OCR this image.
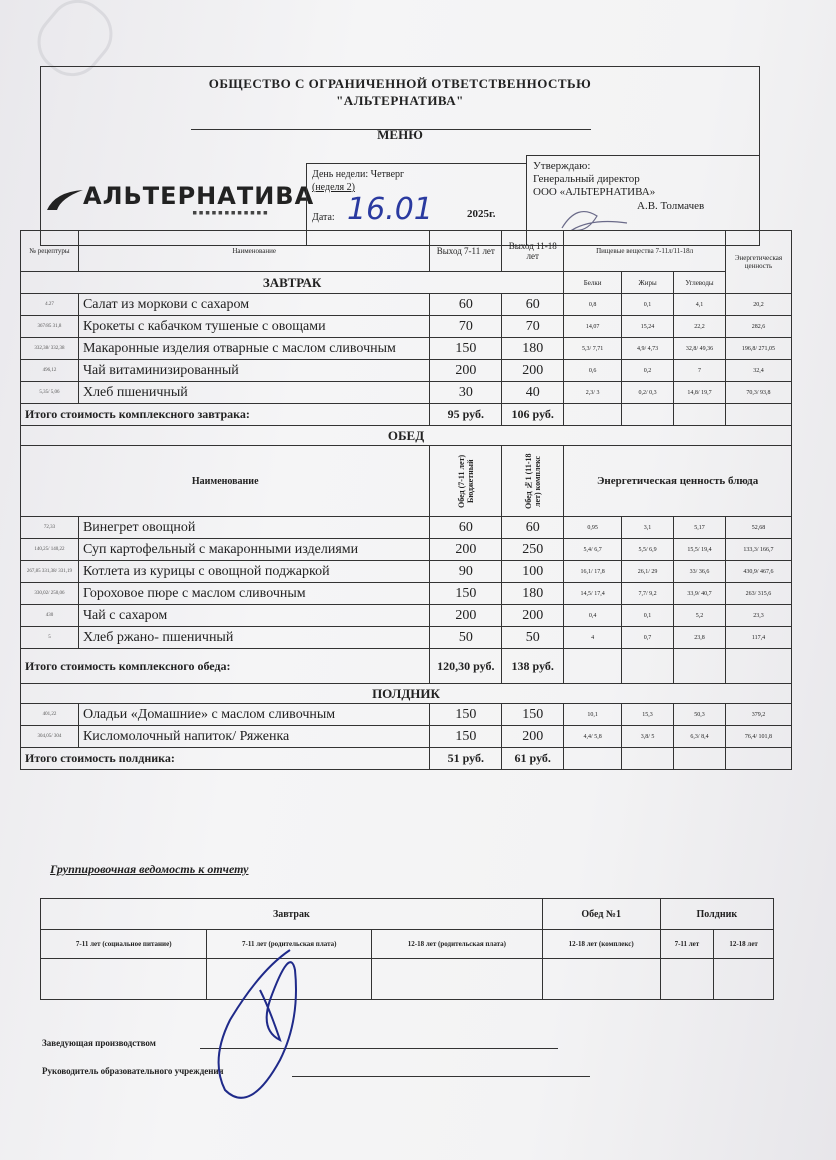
ОБЩЕСТВО С ОГРАНИЧЕННОЙ ОТВЕТСТВЕННОСТЬЮ
"АЛЬТЕРНАТИВА"
МЕНЮ
АЛЬТЕРНАТИВА
▪▪▪▪▪▪▪▪▪▪▪▪
День недели: Четверг
(неделя 2)
Дата: 16.01	2025г.
Утверждаю:
Генеральный директор
ООО «АЛЬТЕРНАТИВА»
А.В. Толмачев
№ рецептуры	Наименование	Выход 7-11 лет	Выход 11-18 лет	Пищевые вещества 7-11л/11-18л			Энергетическая ценность
ЗАВТРАК				Белки	Жиры	Углеводы	
4.27	Салат из моркови с сахаром	60	60	0,8	0,1	4,1	20,2
367/85 31,8	Крокеты с кабачком тушеные с овощами	70	70	14,07	15,24	22,2	282,6
332,38/ 332,38	Макаронные изделия отварные с маслом сливочным	150	180	5,3/ 7,71	4,9/ 4,73	32,8/ 49,36	196,8/ 271,05
496,12	Чай витаминизированный	200	200	0,6	0,2	7	32,4
5,35/ 5,06	Хлеб пшеничный	30	40	2,3/ 3	0,2/ 0,3	14,8/ 19,7	70,3/ 93,8
Итого стоимость комплексного завтрака:		95 руб.	106 руб.				
ОБЕД							
Наименование		Обед (7-11 лет) Бюджетный	Обед №1 (11-18 лет) комплекс	Энергетическая ценность блюда			
72,33	Винегрет овощной	60	60	0,95	3,1	5,17	52,68
140,25/ 140,22	Суп картофельный с макаронными изделиями	200	250	5,4/ 6,7	5,5/ 6,9	15,5/ 19,4	133,3/ 166,7
267,85 331,38/ 331,19	Котлета из курицы с овощной поджаркой	90	100	16,1/ 17,8	26,1/ 29	33/ 36,6	430,9/ 467,6
330,02/ 250,06	Гороховое пюре с маслом сливочным	150	180	14,5/ 17,4	7,7/ 9,2	33,9/ 40,7	263/ 315,6
430	Чай с сахаром	200	200	0,4	0,1	5,2	23,3
5	Хлеб ржано- пшеничный	50	50	4	0,7	23,8	117,4
Итого стоимость комплексного обеда:		120,30 руб.	138 руб.				
ПОЛДНИК							
401,22	Оладьи «Домашние» с маслом сливочным	150	150	10,1	15,3	50,3	379,2
304,05/ 304	Кисломолочный напиток/ Ряженка	150	200	4,4/ 5,8	3,8/ 5	6,3/ 8,4	76,4/ 101,8
Итого стоимость полдника:		51 руб.	61 руб.				
Группировочная ведомость к отчету
Завтрак			Обед №1	Полдник	
7-11 лет (социальное питание)	7-11 лет (родительская плата)	12-18 лет (родительская плата)	12-18 лет (комплекс)	7-11 лет	12-18 лет

Заведующая производством
Руководитель образовательного учреждения
